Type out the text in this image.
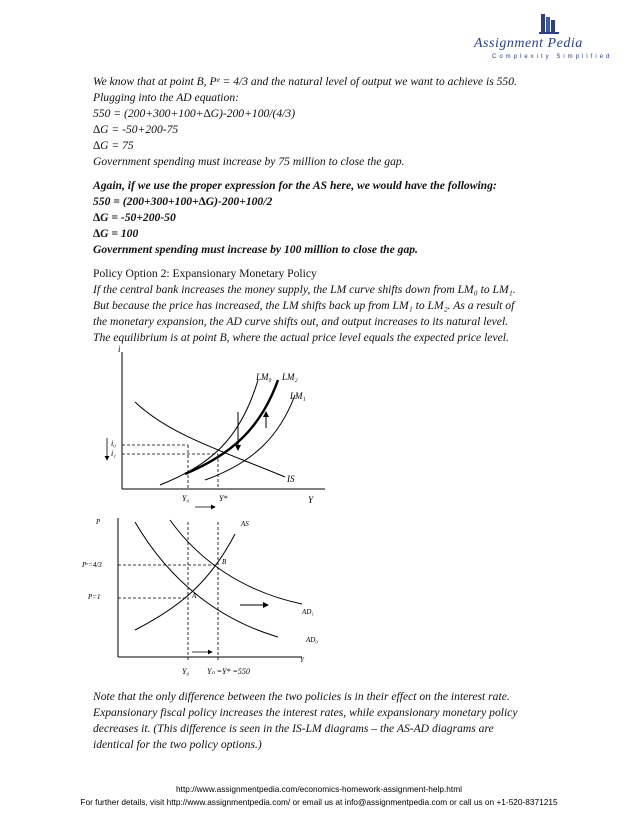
Assignment Pedia
Complexity Simplified
We know that at point B, Pᵉ = 4/3 and the natural level of output we want to achieve is 550.
Plugging into the AD equation:
550 = (200+300+100+∆G)-200+100/(4/3)
∆G = -50+200-75
∆G = 75
Government spending must increase by 75 million to close the gap.
Again, if we use the proper expression for the AS here, we would have the following:
550 = (200+300+100+∆G)-200+100/2
∆G = -50+200-50
∆G = 100
Government spending must increase by 100 million to close the gap.
Policy Option 2: Expansionary Monetary Policy
If the central bank increases the money supply, the LM curve shifts down from LM₀ to LM₁.
But because the price has increased, the LM shifts back up from LM₁ to LM₂. As a result of
the monetary expansion, the AD curve shifts out, and output increases to its natural level.
The equilibrium is at point B, where the actual price level equals the expected price level.
i
Y
IS
LM₀ LM₂
LM₁
i₀
i₁
Y₀	Y*
P
Y
AS
AD₀
AD₁
Pᵉ=4/3
P=1
B
A
Y₀ Yₙ =Y* =550
Note that the only difference between the two policies is in their effect on the interest rate.
Expansionary fiscal policy increases the interest rates, while expansionary monetary policy
decreases it. (This difference is seen in the IS-LM diagrams – the AS-AD diagrams are
identical for the two policy options.)
http://www.assignmentpedia.com/economics-homework-assignment-help.html
For further details, visit http://www.assignmentpedia.com/ or email us at info@assignmentpedia.com or call us on +1-520-8371215
